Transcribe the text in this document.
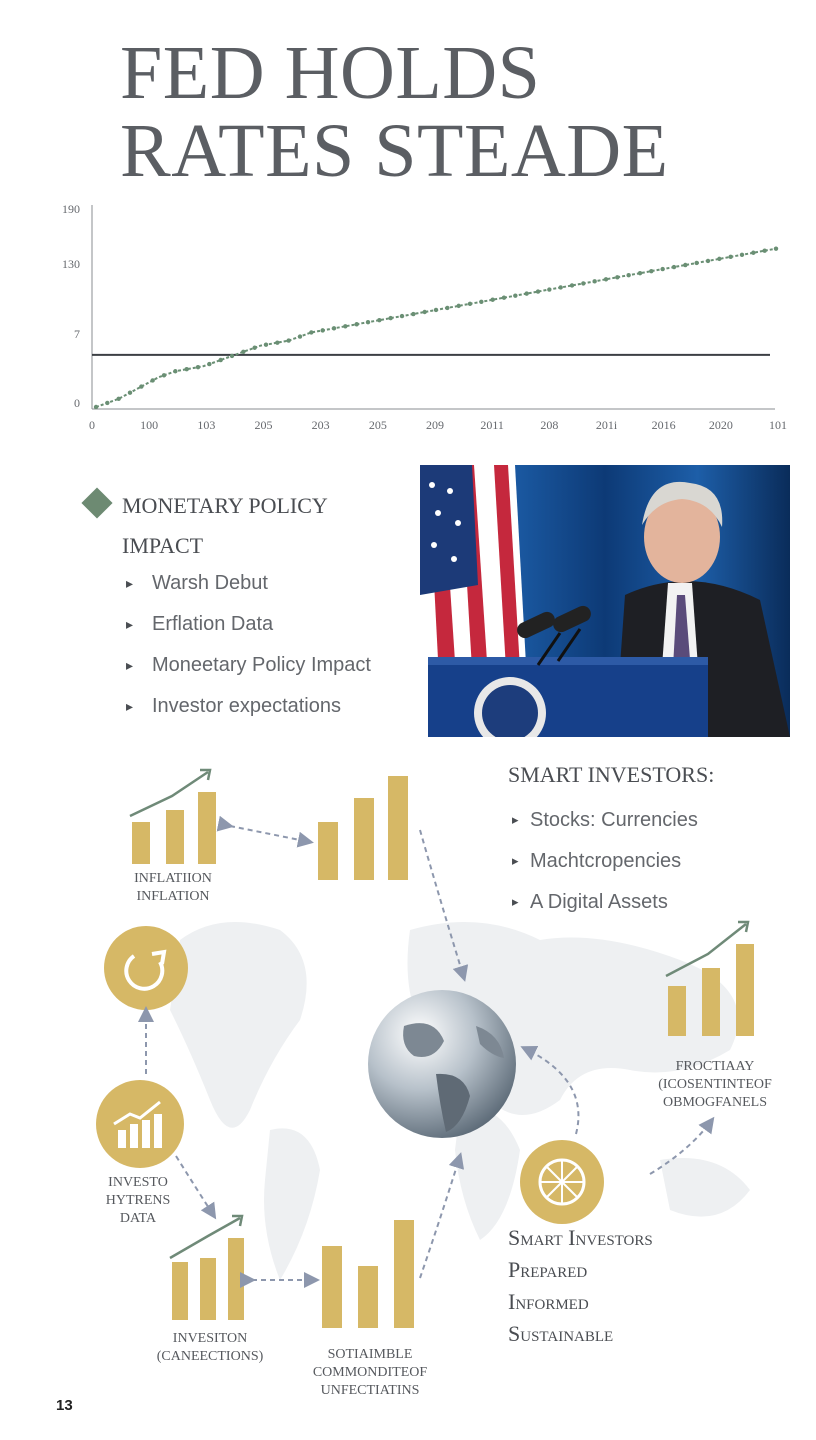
FED HOLDS
RATES STEADE
0
7
130
190
0	100	103	205	203	205	209	2011	208	201i	2016	2020	101
MONETARY POLICY IMPACT
▸ Warsh Debut
▸ Erflation Data
▸ Moneetary Policy Impact
▸ Investor expectations
SMART INVESTORS:
▸ Stocks: Currencies
▸ Machtcropencies
▸ A Digital Assets
INFLATIION
INFLATION
FROCTIAAY
(ICOSENTINTEOF
OBMOGFANELS
INVESITON
(CANEECTIONS)	SOTIAIMBLE
COMMONDITEOF
UNFECTIATINS
INVESTO
HYTRENS
DATA
Smart Investors
Prepared
Informed
Sustainable
13
